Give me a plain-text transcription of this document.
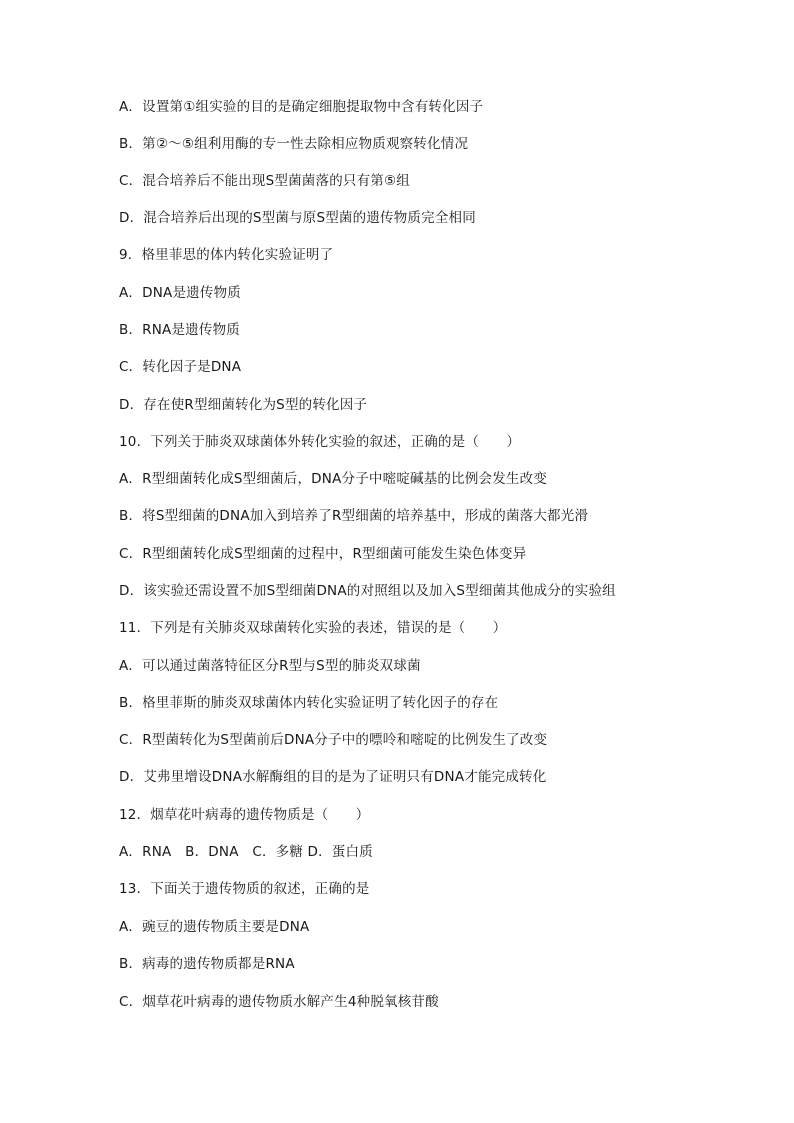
A．设置第①组实验的目的是确定细胞提取物中含有转化因子
B．第②～⑤组利用酶的专一性去除相应物质观察转化情况
C．混合培养后不能出现S型菌菌落的只有第⑤组
D．混合培养后出现的S型菌与原S型菌的遗传物质完全相同
9．格里菲思的体内转化实验证明了
A．DNA是遗传物质
B．RNA是遗传物质
C．转化因子是DNA
D．存在使R型细菌转化为S型的转化因子
10．下列关于肺炎双球菌体外转化实验的叙述，正确的是（　　）
A．R型细菌转化成S型细菌后，DNA分子中嘧啶碱基的比例会发生改变
B．将S型细菌的DNA加入到培养了R型细菌的培养基中，形成的菌落大都光滑
C．R型细菌转化成S型细菌的过程中，R型细菌可能发生染色体变异
D．该实验还需设置不加S型细菌DNA的对照组以及加入S型细菌其他成分的实验组
11．下列是有关肺炎双球菌转化实验的表述，错误的是（　　）
A．可以通过菌落特征区分R型与S型的肺炎双球菌
B．格里菲斯的肺炎双球菌体内转化实验证明了转化因子的存在
C．R型菌转化为S型菌前后DNA分子中的嘌呤和嘧啶的比例发生了改变
D．艾弗里增设DNA水解酶组的目的是为了证明只有DNA才能完成转化
12．烟草花叶病毒的遗传物质是（　　）
A．RNA　B．DNA　C．多糖 D．蛋白质
13．下面关于遗传物质的叙述，正确的是
A．豌豆的遗传物质主要是DNA
B．病毒的遗传物质都是RNA
C．烟草花叶病毒的遗传物质水解产生4种脱氧核苷酸
